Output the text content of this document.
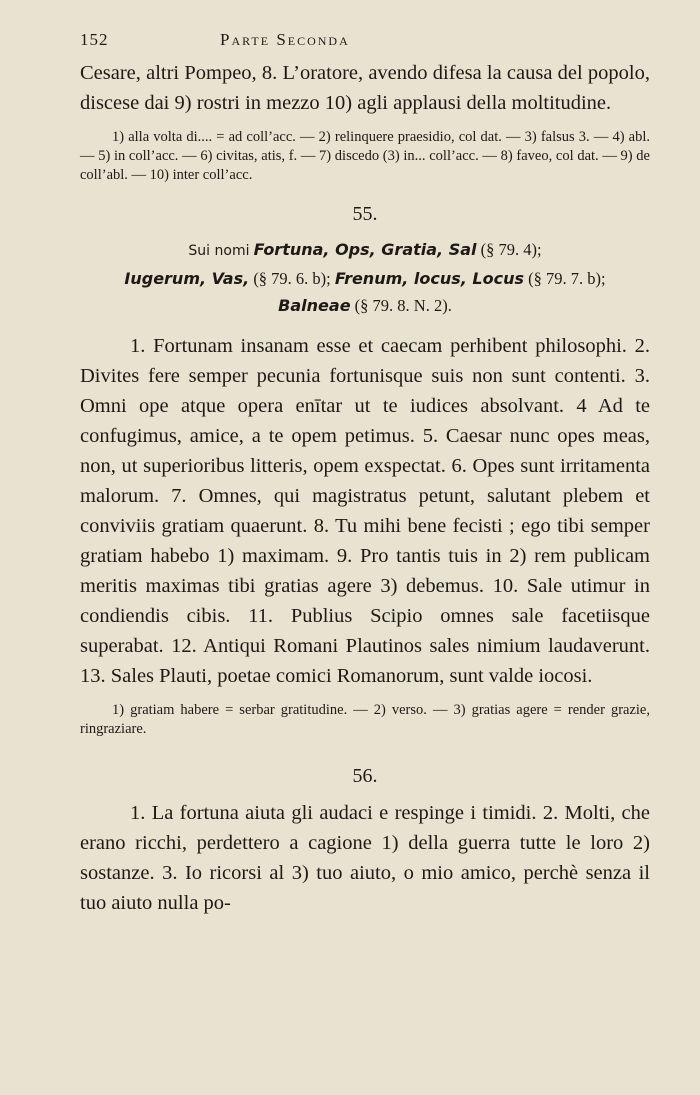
152	Parte Seconda

Cesare, altri Pompeo, 8. L’oratore, avendo difesa la causa del popolo, discese dai 9) rostri in mezzo 10) agli applausi della moltitudine.

1) alla volta di.... = ad coll’acc. — 2) relinquere praesidio, col dat. — 3) falsus 3. — 4) abl. — 5) in coll’acc. — 6) civitas, atis, f. — 7) discedo (3) in... coll’acc. — 8) faveo, col dat. — 9) de coll’abl. — 10) inter coll’acc.

55.
Sui nomi Fortuna, Ops, Gratia, Sal (§ 79. 4);
Iugerum, Vas, (§ 79. 6. b); Frenum, locus, Locus (§ 79. 7. b);
Balneae (§ 79. 8. N. 2).

1. Fortunam insanam esse et caecam perhibent philosophi. 2. Divites fere semper pecunia fortunisque suis non sunt contenti. 3. Omni ope atque opera enītar ut te iudices absolvant. 4 Ad te confugimus, amice, a te opem petimus. 5. Caesar nunc opes meas, non, ut superioribus litteris, opem exspectat. 6. Opes sunt irritamenta malorum. 7. Omnes, qui magistratus petunt, salutant plebem et conviviis gratiam quaerunt. 8. Tu mihi bene fecisti ; ego tibi semper gratiam habebo 1) maximam. 9. Pro tantis tuis in 2) rem publicam meritis maximas tibi gratias agere 3) debemus. 10. Sale utimur in condiendis cibis. 11. Publius Scipio omnes sale facetiisque superabat. 12. Antiqui Romani Plautinos sales nimium laudaverunt. 13. Sales Plauti, poetae comici Romanorum, sunt valde iocosi.

1) gratiam habere = serbar gratitudine. — 2) verso. — 3) gratias agere = render grazie, ringraziare.

56.

1. La fortuna aiuta gli audaci e respinge i timidi. 2. Molti, che erano ricchi, perdettero a cagione 1) della guerra tutte le loro 2) sostanze. 3. Io ricorsi al 3) tuo aiuto, o mio amico, perchè senza il tuo aiuto nulla po-
